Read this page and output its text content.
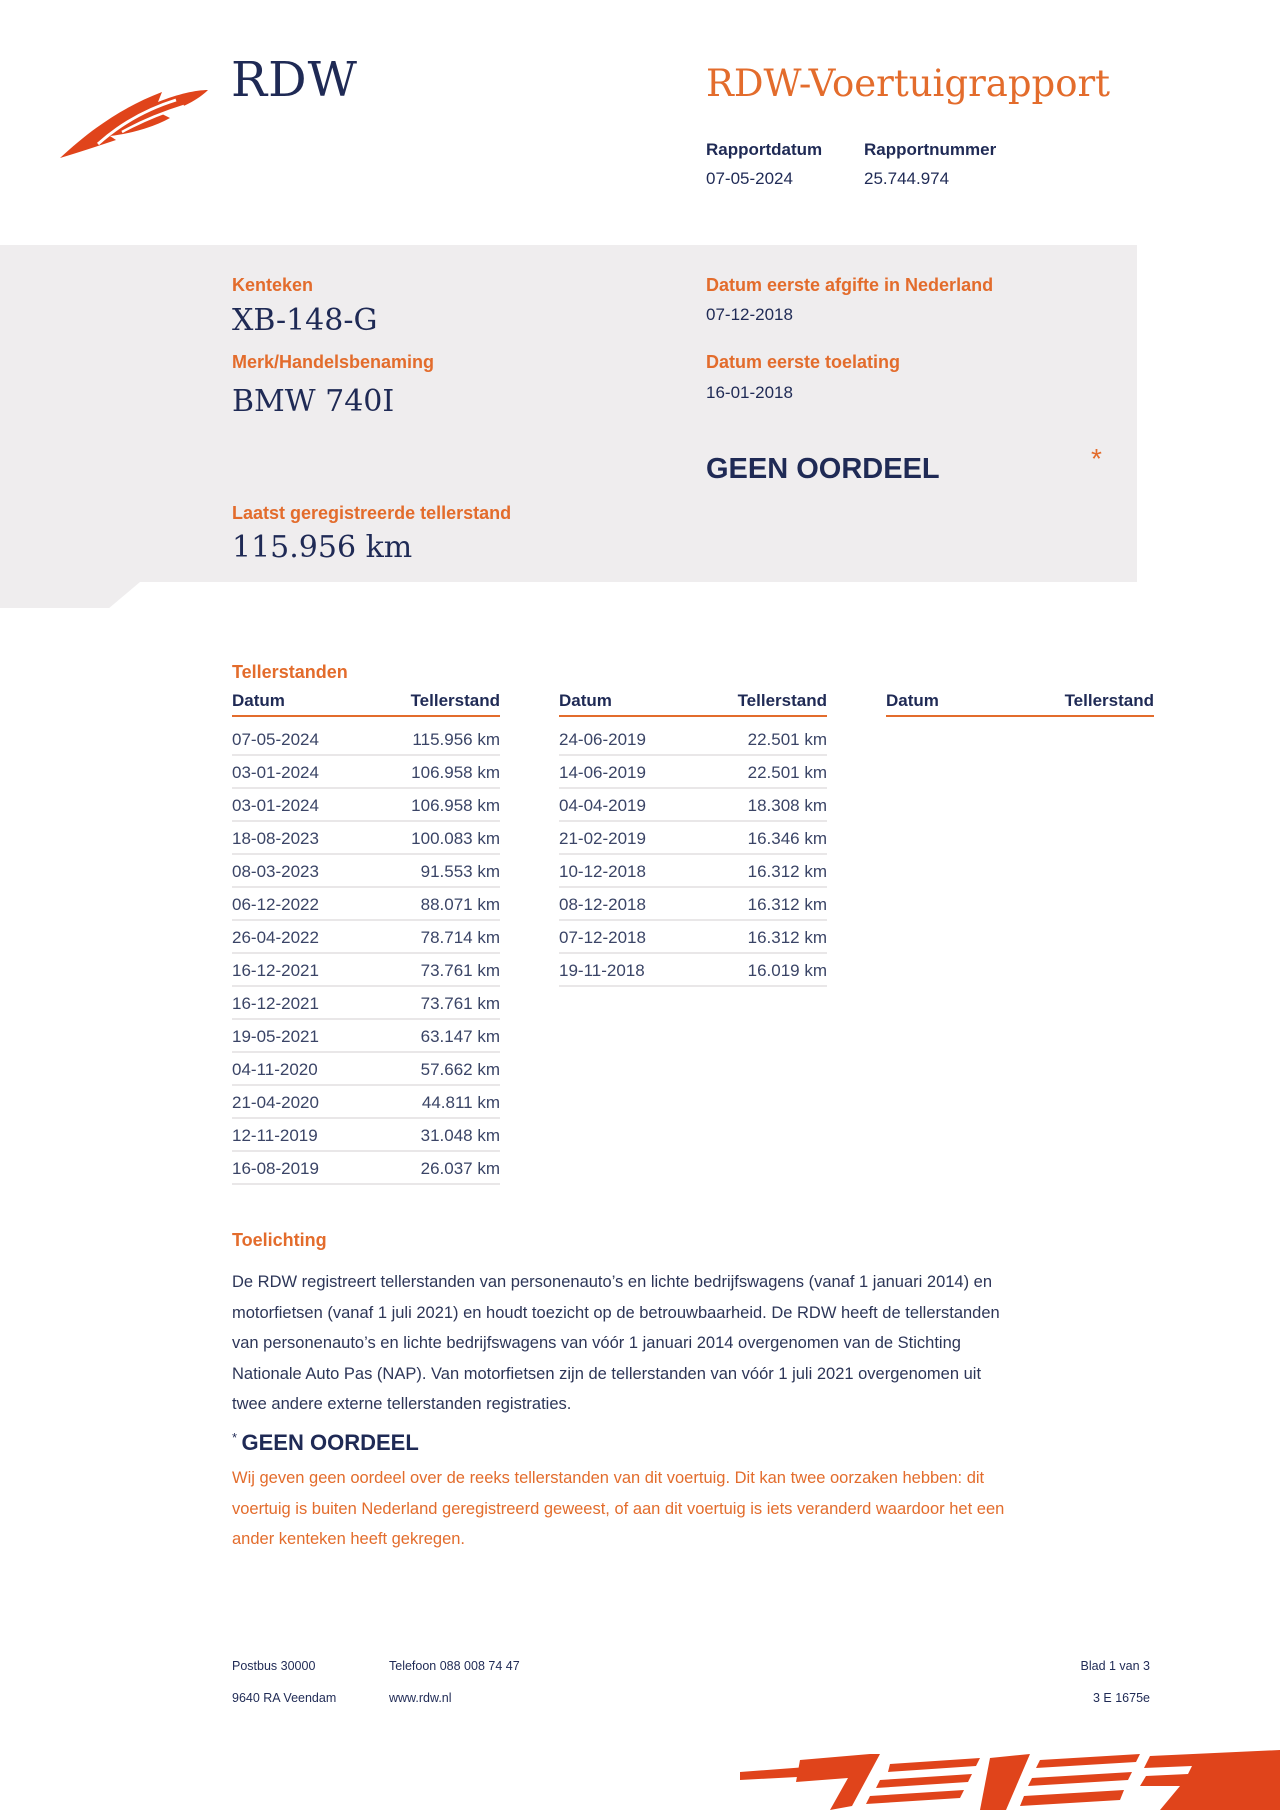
RDW	RDW-Voertuigrapport
Rapportdatum
07-05-2024
Rapportnummer
25.744.974
Kenteken
XB-148-G
Merk/Handelsbenaming
BMW 740I
Datum eerste afgifte in Nederland
07-12-2018
Datum eerste toelating
16-01-2018
GEEN OORDEEL	*
Laatst geregistreerde tellerstand
115.956 km
Tellerstanden
Datum	Tellerstand
07-05-2024	115.956 km
03-01-2024	106.958 km
03-01-2024	106.958 km
18-08-2023	100.083 km
08-03-2023	91.553 km
06-12-2022	88.071 km
26-04-2022	78.714 km
16-12-2021	73.761 km
16-12-2021	73.761 km
19-05-2021	63.147 km
04-11-2020	57.662 km
21-04-2020	44.811 km
12-11-2019	31.048 km
16-08-2019	26.037 km
Datum	Tellerstand
24-06-2019	22.501 km
14-06-2019	22.501 km
04-04-2019	18.308 km
21-02-2019	16.346 km
10-12-2018	16.312 km
08-12-2018	16.312 km
07-12-2018	16.312 km
19-11-2018	16.019 km
Datum	Tellerstand
Toelichting
De RDW registreert tellerstanden van personenauto’s en lichte bedrijfswagens (vanaf 1 januari 2014) en
motorfietsen (vanaf 1 juli 2021) en houdt toezicht op de betrouwbaarheid. De RDW heeft de tellerstanden
van personenauto’s en lichte bedrijfswagens van vóór 1 januari 2014 overgenomen van de Stichting
Nationale Auto Pas (NAP). Van motorfietsen zijn de tellerstanden van vóór 1 juli 2021 overgenomen uit
twee andere externe tellerstanden registraties.
* GEEN OORDEEL
Wij geven geen oordeel over de reeks tellerstanden van dit voertuig. Dit kan twee oorzaken hebben: dit
voertuig is buiten Nederland geregistreerd geweest, of aan dit voertuig is iets veranderd waardoor het een
ander kenteken heeft gekregen.
Postbus 30000
9640 RA Veendam
Telefoon 088 008 74 47
www.rdw.nl
Blad 1 van 3
3 E 1675e
